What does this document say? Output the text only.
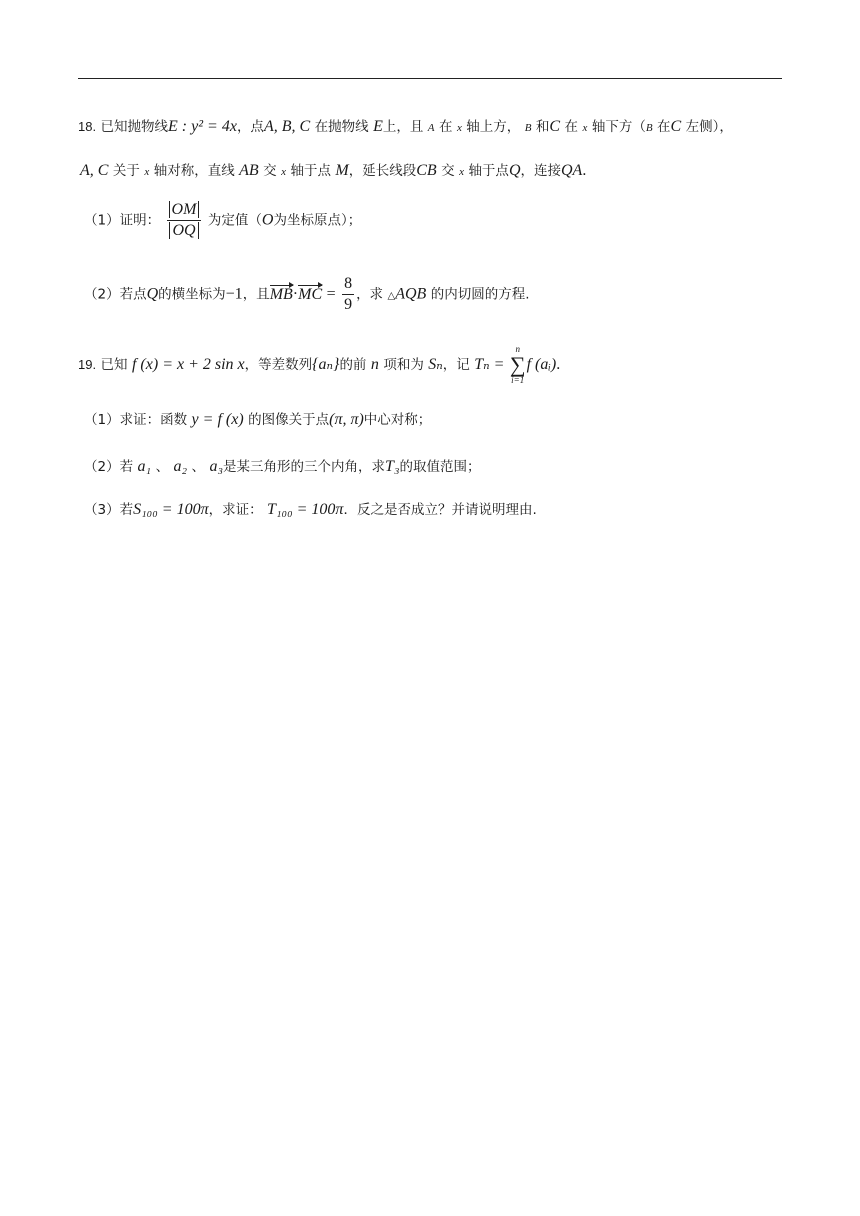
18. 已知抛物线E : y² = 4x，点A, B, C 在抛物线 E上，且 A 在 x 轴上方， B 和C 在 x 轴下方（B 在C 左侧），
A, C 关于 x 轴对称，直线 AB 交 x 轴于点 M，延长线段CB 交 x 轴于点Q，连接QA.
（1）证明： $\frac{OM}{OQ}$ 为定值（O为坐标原点）；
（2）若点Q的横坐标为−1，且$MB\cdot MC = \frac{8}{9}$ ，求 △AQB 的内切圆的方程.
19. 已知 f (x) = x + 2 sin x，等差数列{aₙ}的前 n 项和为 Sₙ，记 Tₙ =
n
∑
i=1
f (aᵢ).
（1）求证：函数 y = f (x) 的图像关于点(π, π)中心对称；
（2）若 a₁ 、 a₂ 、 a₃是某三角形的三个内角，求T₃的取值范围；
（3）若S₁₀₀ = 100π，求证： T₁₀₀ = 100π．反之是否成立？并请说明理由.
